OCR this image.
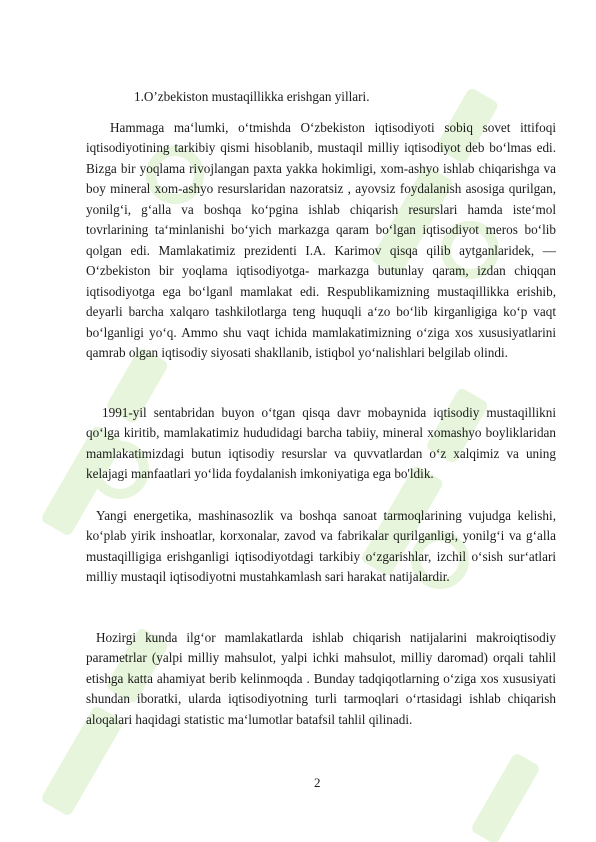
1.O’zbekiston mustaqillikka erishgan yillari.

Hammaga ma‘lumki, o‘tmishda O‘zbekiston iqtisodiyoti sobiq sovet ittifoqi iqtisodiyotining tarkibiy qismi hisoblanib, mustaqil milliy iqtisodiyot deb bo‘lmas edi. Bizga bir yoqlama rivojlangan paxta yakka hokimligi, xom-ashyo ishlab chiqarishga va boy mineral xom-ashyo resurslaridan nazoratsiz , ayovsiz foydalanish asosiga qurilgan, yonilg‘i, g‘alla va boshqa ko‘pgina ishlab chiqarish resurslari hamda iste‘mol tovrlarining ta‘minlanishi bo‘yich markazga qaram bo‘lgan iqtisodiyot meros bo‘lib qolgan edi. Mamlakatimiz prezidenti I.A. Karimov qisqa qilib aytganlaridek, ― O‘zbekiston bir yoqlama iqtisodiyotga- markazga butunlay qaram, izdan chiqqan iqtisodiyotga ega bo‘lgan‖ mamlakat edi. Respublikamizning mustaqillikka erishib, deyarli barcha xalqaro tashkilotlarga teng huquqli a‘zo bo‘lib kirganligiga ko‘p vaqt bo‘lganligi yo‘q. Ammo shu vaqt ichida mamlakatimizning o‘ziga xos xususiyatlarini qamrab olgan iqtisodiy siyosati shakllanib, istiqbol yo‘nalishlari belgilab olindi.

1991-yil sentabridan buyon o‘tgan qisqa davr mobaynida iqtisodiy mustaqillikni qo‘lga kiritib, mamlakatimiz hududidagi barcha tabiiy, mineral xomashyo boyliklaridan mamlakatimizdagi butun iqtisodiy resurslar va quvvatlardan o‘z xalqimiz va uning kelajagi manfaatlari yo‘lida foydalanish imkoniyatiga ega bo'ldik.

Yangi energetika, mashinasozlik va boshqa sanoat tarmoqlarining vujudga kelishi, ko‘plab yirik inshoatlar, korxonalar, zavod va fabrikalar qurilganligi, yonilg‘i va g‘alla mustaqilligiga erishganligi iqtisodiyotdagi tarkibiy o‘zgarishlar, izchil o‘sish sur‘atlari milliy mustaqil iqtisodiyotni mustahkamlash sari harakat natijalardir.

Hozirgi kunda ilg‘or mamlakatlarda ishlab chiqarish natijalarini makroiqtisodiy parametrlar (yalpi milliy mahsulot, yalpi ichki mahsulot, milliy daromad) orqali tahlil etishga katta ahamiyat berib kelinmoqda . Bunday tadqiqotlarning o‘ziga xos xususiyati shundan iboratki, ularda iqtisodiyotning turli tarmoqlari o‘rtasidagi ishlab chiqarish aloqalari haqidagi statistic ma‘lumotlar batafsil tahlil qilinadi.

2
